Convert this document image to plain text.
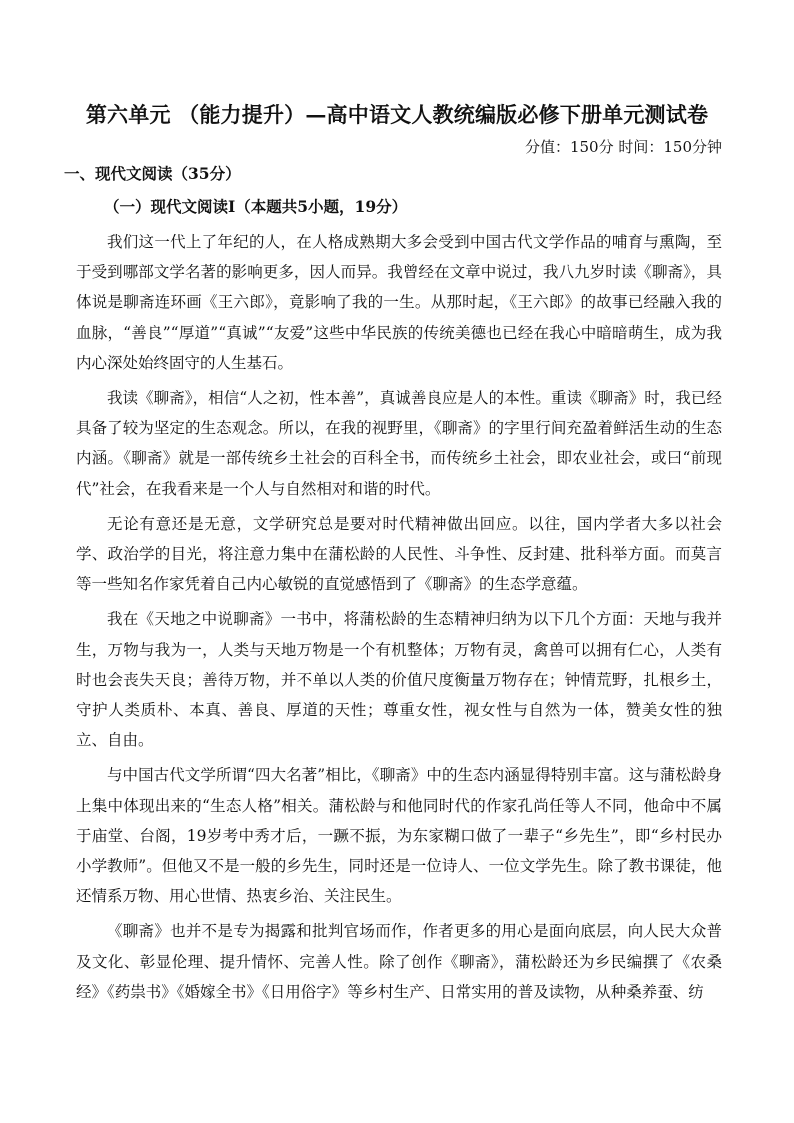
第六单元 （能力提升）—高中语文人教统编版必修下册单元测试卷
分值：150分 时间：150分钟
一、现代文阅读（35分）
（一）现代文阅读Ⅰ（本题共5小题，19分）

我们这一代上了年纪的人，在人格成熟期大多会受到中国古代文学作品的哺育与熏陶，至于受到哪部文学名著的影响更多，因人而异。我曾经在文章中说过，我八九岁时读《聊斋》，具体说是聊斋连环画《王六郎》，竟影响了我的一生。从那时起，《王六郎》的故事已经融入我的血脉，“善良”“厚道”“真诚”“友爱”这些中华民族的传统美德也已经在我心中暗暗萌生，成为我内心深处始终固守的人生基石。

我读《聊斋》，相信“人之初，性本善”，真诚善良应是人的本性。重读《聊斋》时，我已经具备了较为坚定的生态观念。所以，在我的视野里，《聊斋》的字里行间充盈着鲜活生动的生态内涵。《聊斋》就是一部传统乡土社会的百科全书，而传统乡土社会，即农业社会，或曰“前现代”社会，在我看来是一个人与自然相对和谐的时代。

无论有意还是无意，文学研究总是要对时代精神做出回应。以往，国内学者大多以社会学、政治学的目光，将注意力集中在蒲松龄的人民性、斗争性、反封建、批科举方面。而莫言等一些知名作家凭着自己内心敏锐的直觉感悟到了《聊斋》的生态学意蕴。

我在《天地之中说聊斋》一书中，将蒲松龄的生态精神归纳为以下几个方面：天地与我并生，万物与我为一，人类与天地万物是一个有机整体；万物有灵，禽兽可以拥有仁心，人类有时也会丧失天良；善待万物，并不单以人类的价值尺度衡量万物存在；钟情荒野，扎根乡土，守护人类质朴、本真、善良、厚道的天性；尊重女性，视女性与自然为一体，赞美女性的独立、自由。

与中国古代文学所谓“四大名著”相比，《聊斋》中的生态内涵显得特别丰富。这与蒲松龄身上集中体现出来的“生态人格”相关。蒲松龄与和他同时代的作家孔尚任等人不同，他命中不属于庙堂、台阁，19岁考中秀才后，一蹶不振，为东家糊口做了一辈子“乡先生”，即“乡村民办小学教师”。但他又不是一般的乡先生，同时还是一位诗人、一位文学先生。除了教书课徒，他还情系万物、用心世情、热衷乡治、关注民生。

《聊斋》也并不是专为揭露和批判官场而作，作者更多的用心是面向底层，向人民大众普及文化、彰显伦理、提升情怀、完善人性。除了创作《聊斋》，蒲松龄还为乡民编撰了《农桑经》《药祟书》《婚嫁全书》《日用俗字》等乡村生产、日常实用的普及读物，从种桑养蚕、纺
